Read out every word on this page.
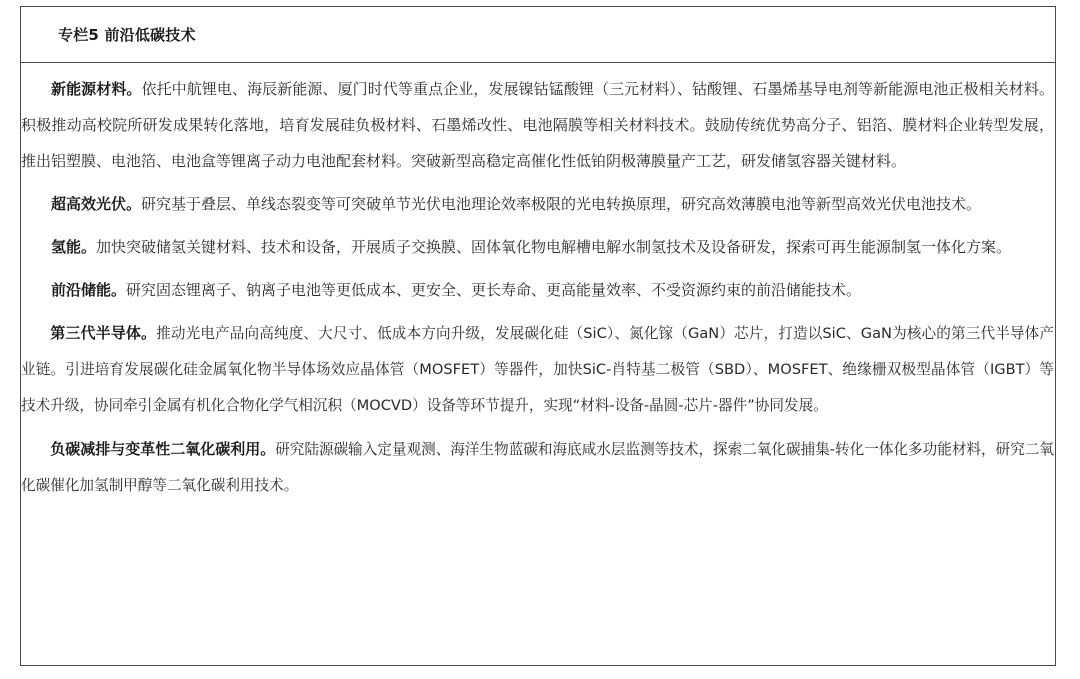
专栏5 前沿低碳技术

新能源材料。依托中航锂电、海辰新能源、厦门时代等重点企业，发展镍钴锰酸锂（三元材料）、钴酸锂、石墨烯基导电剂等新能源电池正极相关材料。积极推动高校院所研发成果转化落地，培育发展硅负极材料、石墨烯改性、电池隔膜等相关材料技术。鼓励传统优势高分子、铝箔、膜材料企业转型发展，推出铝塑膜、电池箔、电池盒等锂离子动力电池配套材料。突破新型高稳定高催化性低铂阴极薄膜量产工艺，研发储氢容器关键材料。

超高效光伏。研究基于叠层、单线态裂变等可突破单节光伏电池理论效率极限的光电转换原理，研究高效薄膜电池等新型高效光伏电池技术。

氢能。加快突破储氢关键材料、技术和设备，开展质子交换膜、固体氧化物电解槽电解水制氢技术及设备研发，探索可再生能源制氢一体化方案。

前沿储能。研究固态锂离子、钠离子电池等更低成本、更安全、更长寿命、更高能量效率、不受资源约束的前沿储能技术。

第三代半导体。推动光电产品向高纯度、大尺寸、低成本方向升级，发展碳化硅（SiC）、氮化镓（GaN）芯片，打造以SiC、GaN为核心的第三代半导体产业链。引进培育发展碳化硅金属氧化物半导体场效应晶体管（MOSFET）等器件，加快SiC-肖特基二极管（SBD）、MOSFET、绝缘栅双极型晶体管（IGBT）等技术升级，协同牵引金属有机化合物化学气相沉积（MOCVD）设备等环节提升，实现“材料-设备-晶圆-芯片-器件”协同发展。

负碳减排与变革性二氧化碳利用。研究陆源碳输入定量观测、海洋生物蓝碳和海底咸水层监测等技术，探索二氧化碳捕集-转化一体化多功能材料，研究二氧化碳催化加氢制甲醇等二氧化碳利用技术。
